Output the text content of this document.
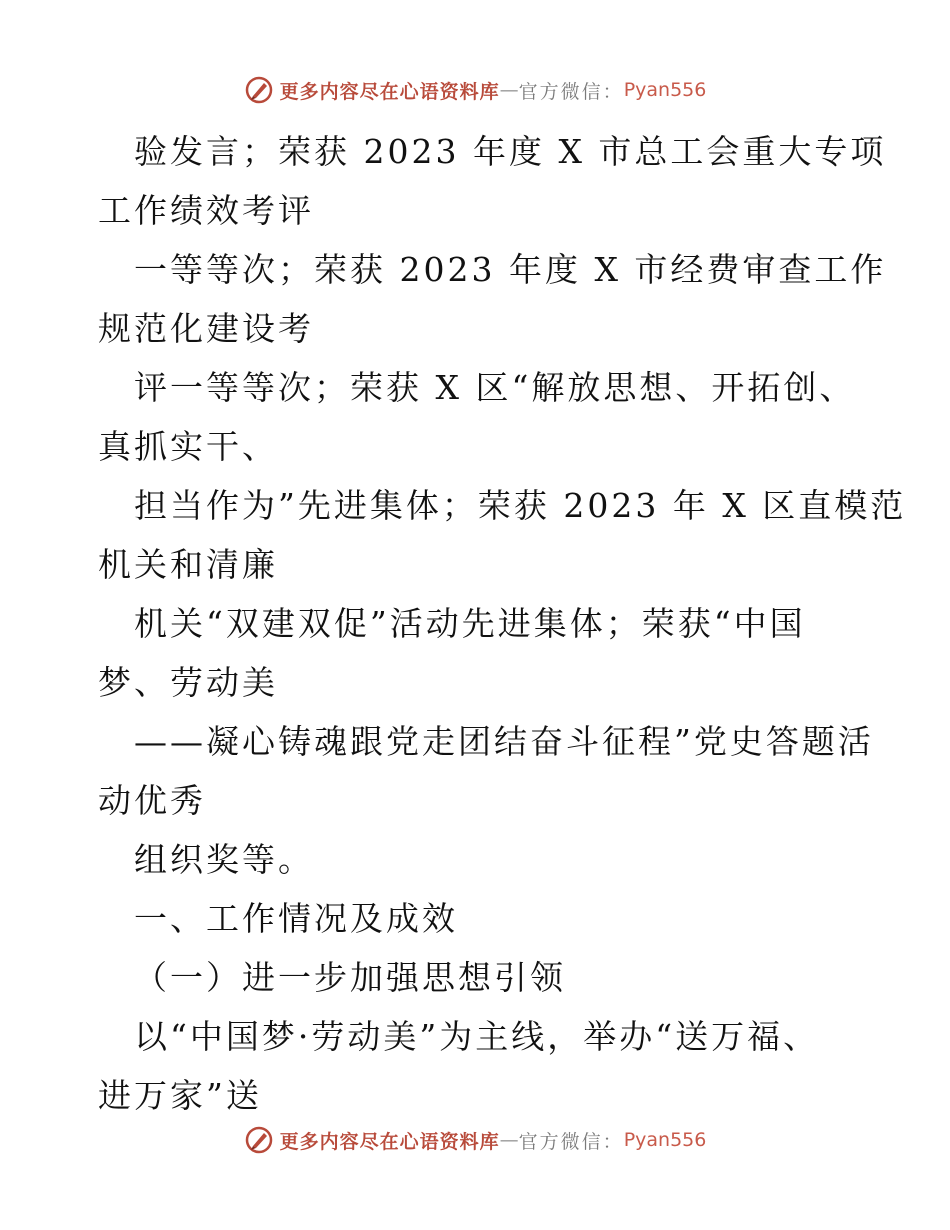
更多内容尽在心语资料库 — 官方微信： Pyan556
验发言；荣获 2023 年度 X 市总工会重大专项
工作绩效考评
一等等次；荣获 2023 年度 X 市经费审查工作
规范化建设考
评一等等次；荣获 X 区“解放思想、开拓创、
真抓实干、
担当作为”先进集体；荣获 2023 年 X 区直模范
机关和清廉
机关“双建双促”活动先进集体；荣获“中国
梦、劳动美
——凝心铸魂跟党走团结奋斗征程”党史答题活
动优秀
组织奖等。
一、工作情况及成效
（一）进一步加强思想引领
以“中国梦·劳动美”为主线，举办“送万福、
进万家”送
更多内容尽在心语资料库 — 官方微信： Pyan556
